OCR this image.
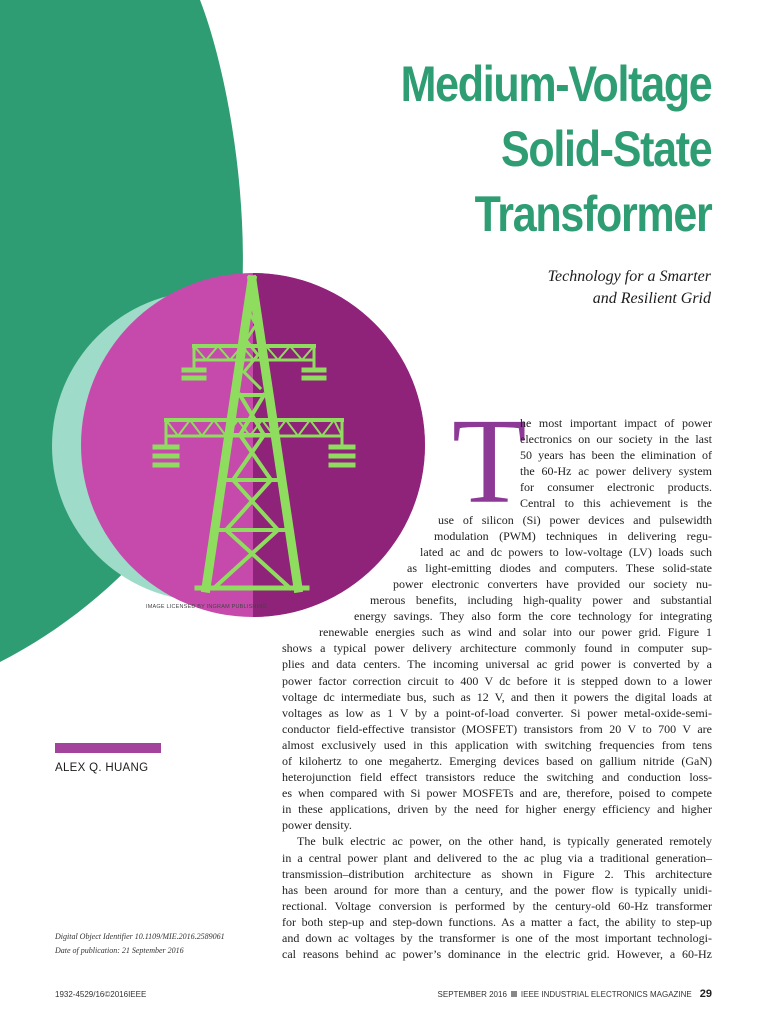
Medium-Voltage
Solid-State
Transformer

Technology for a Smarter
and Resilient Grid

IMAGE LICENSED BY INGRAM PUBLISHING
T
he most important impact of power
electronics on our society in the last
50 years has been the elimination of
the 60-Hz ac power delivery system
for consumer electronic products.
Central to this achievement is the
use of silicon (Si) power devices and pulsewidth
modulation (PWM) techniques in delivering regu-
lated ac and dc powers to low-voltage (LV) loads such
as light-emitting diodes and computers. These solid-state
power electronic converters have provided our society nu-
merous benefits, including high-quality power and substantial
energy savings. They also form the core technology for integrating
renewable energies such as wind and solar into our power grid. Figure 1
shows a typical power delivery architecture commonly found in computer sup-
plies and data centers. The incoming universal ac grid power is converted by a
power factor correction circuit to 400 V dc before it is stepped down to a lower
voltage dc intermediate bus, such as 12 V, and then it powers the digital loads at
voltages as low as 1 V by a point-of-load converter. Si power metal-oxide-semi-
conductor field-effective transistor (MOSFET) transistors from 20 V to 700 V are
almost exclusively used in this application with switching frequencies from tens
of kilohertz to one megahertz. Emerging devices based on gallium nitride (GaN)
heterojunction field effect transistors reduce the switching and conduction loss-
es when compared with Si power MOSFETs and are, therefore, poised to compete
in these applications, driven by the need for higher energy efficiency and higher
power density.
The bulk electric ac power, on the other hand, is typically generated remotely
in a central power plant and delivered to the ac plug via a traditional generation–
transmission–distribution architecture as shown in Figure 2. This architecture
has been around for more than a century, and the power flow is typically unidi-
rectional. Voltage conversion is performed by the century-old 60-Hz transformer
for both step-up and step-down functions. As a matter a fact, the ability to step-up
and down ac voltages by the transformer is one of the most important technologi-
cal reasons behind ac power’s dominance in the electric grid. However, a 60-Hz
ALEX Q. HUANG
Digital Object Identifier 10.1109/MIE.2016.2589061
Date of publication: 21 September 2016
1932-4529/16©2016IEEE	SEPTEMBER 2016 IEEE INDUSTRIAL ELECTRONICS MAGAZINE 29
